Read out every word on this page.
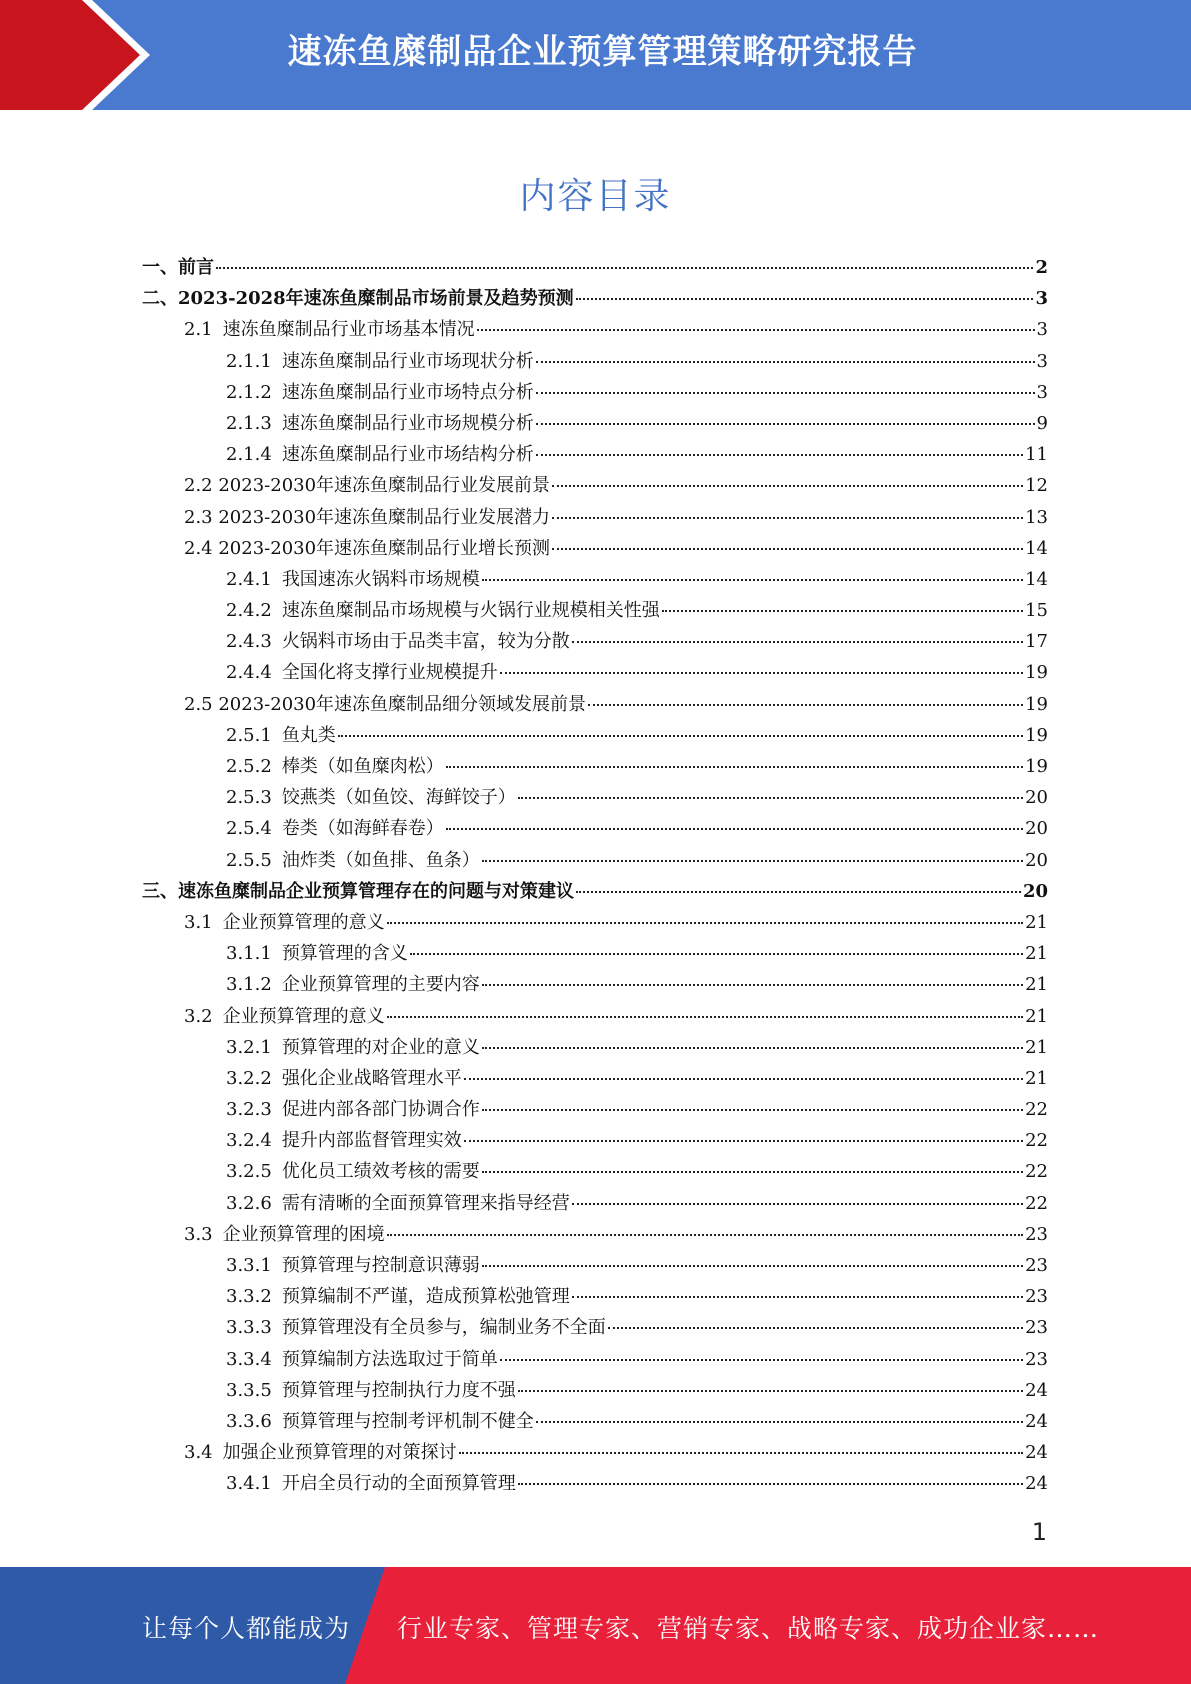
速冻鱼糜制品企业预算管理策略研究报告
内容目录
一、前言	2
二、2023-2028年速冻鱼糜制品市场前景及趋势预测	3
2.1 速冻鱼糜制品行业市场基本情况	3
2.1.1 速冻鱼糜制品行业市场现状分析	3
2.1.2 速冻鱼糜制品行业市场特点分析	3
2.1.3 速冻鱼糜制品行业市场规模分析	9
2.1.4 速冻鱼糜制品行业市场结构分析	11
2.2 2023-2030年速冻鱼糜制品行业发展前景	12
2.3 2023-2030年速冻鱼糜制品行业发展潜力	13
2.4 2023-2030年速冻鱼糜制品行业增长预测	14
2.4.1 我国速冻火锅料市场规模	14
2.4.2 速冻鱼糜制品市场规模与火锅行业规模相关性强	15
2.4.3 火锅料市场由于品类丰富，较为分散	17
2.4.4 全国化将支撑行业规模提升	19
2.5 2023-2030年速冻鱼糜制品细分领域发展前景	19
2.5.1 鱼丸类	19
2.5.2 棒类（如鱼糜肉松）	19
2.5.3 饺燕类（如鱼饺、海鲜饺子）	20
2.5.4 卷类（如海鲜春卷）	20
2.5.5 油炸类（如鱼排、鱼条）	20
三、速冻鱼糜制品企业预算管理存在的问题与对策建议	20
3.1 企业预算管理的意义	21
3.1.1 预算管理的含义	21
3.1.2 企业预算管理的主要内容	21
3.2 企业预算管理的意义	21
3.2.1 预算管理的对企业的意义	21
3.2.2 强化企业战略管理水平	21
3.2.3 促进内部各部门协调合作	22
3.2.4 提升内部监督管理实效	22
3.2.5 优化员工绩效考核的需要	22
3.2.6 需有清晰的全面预算管理来指导经营	22
3.3 企业预算管理的困境	23
3.3.1 预算管理与控制意识薄弱	23
3.3.2 预算编制不严谨，造成预算松弛管理	23
3.3.3 预算管理没有全员参与，编制业务不全面	23
3.3.4 预算编制方法选取过于简单	23
3.3.5 预算管理与控制执行力度不强	24
3.3.6 预算管理与控制考评机制不健全	24
3.4 加强企业预算管理的对策探讨	24
3.4.1 开启全员行动的全面预算管理	24
1
让每个人都能成为 行业专家、管理专家、营销专家、战略专家、成功企业家……
